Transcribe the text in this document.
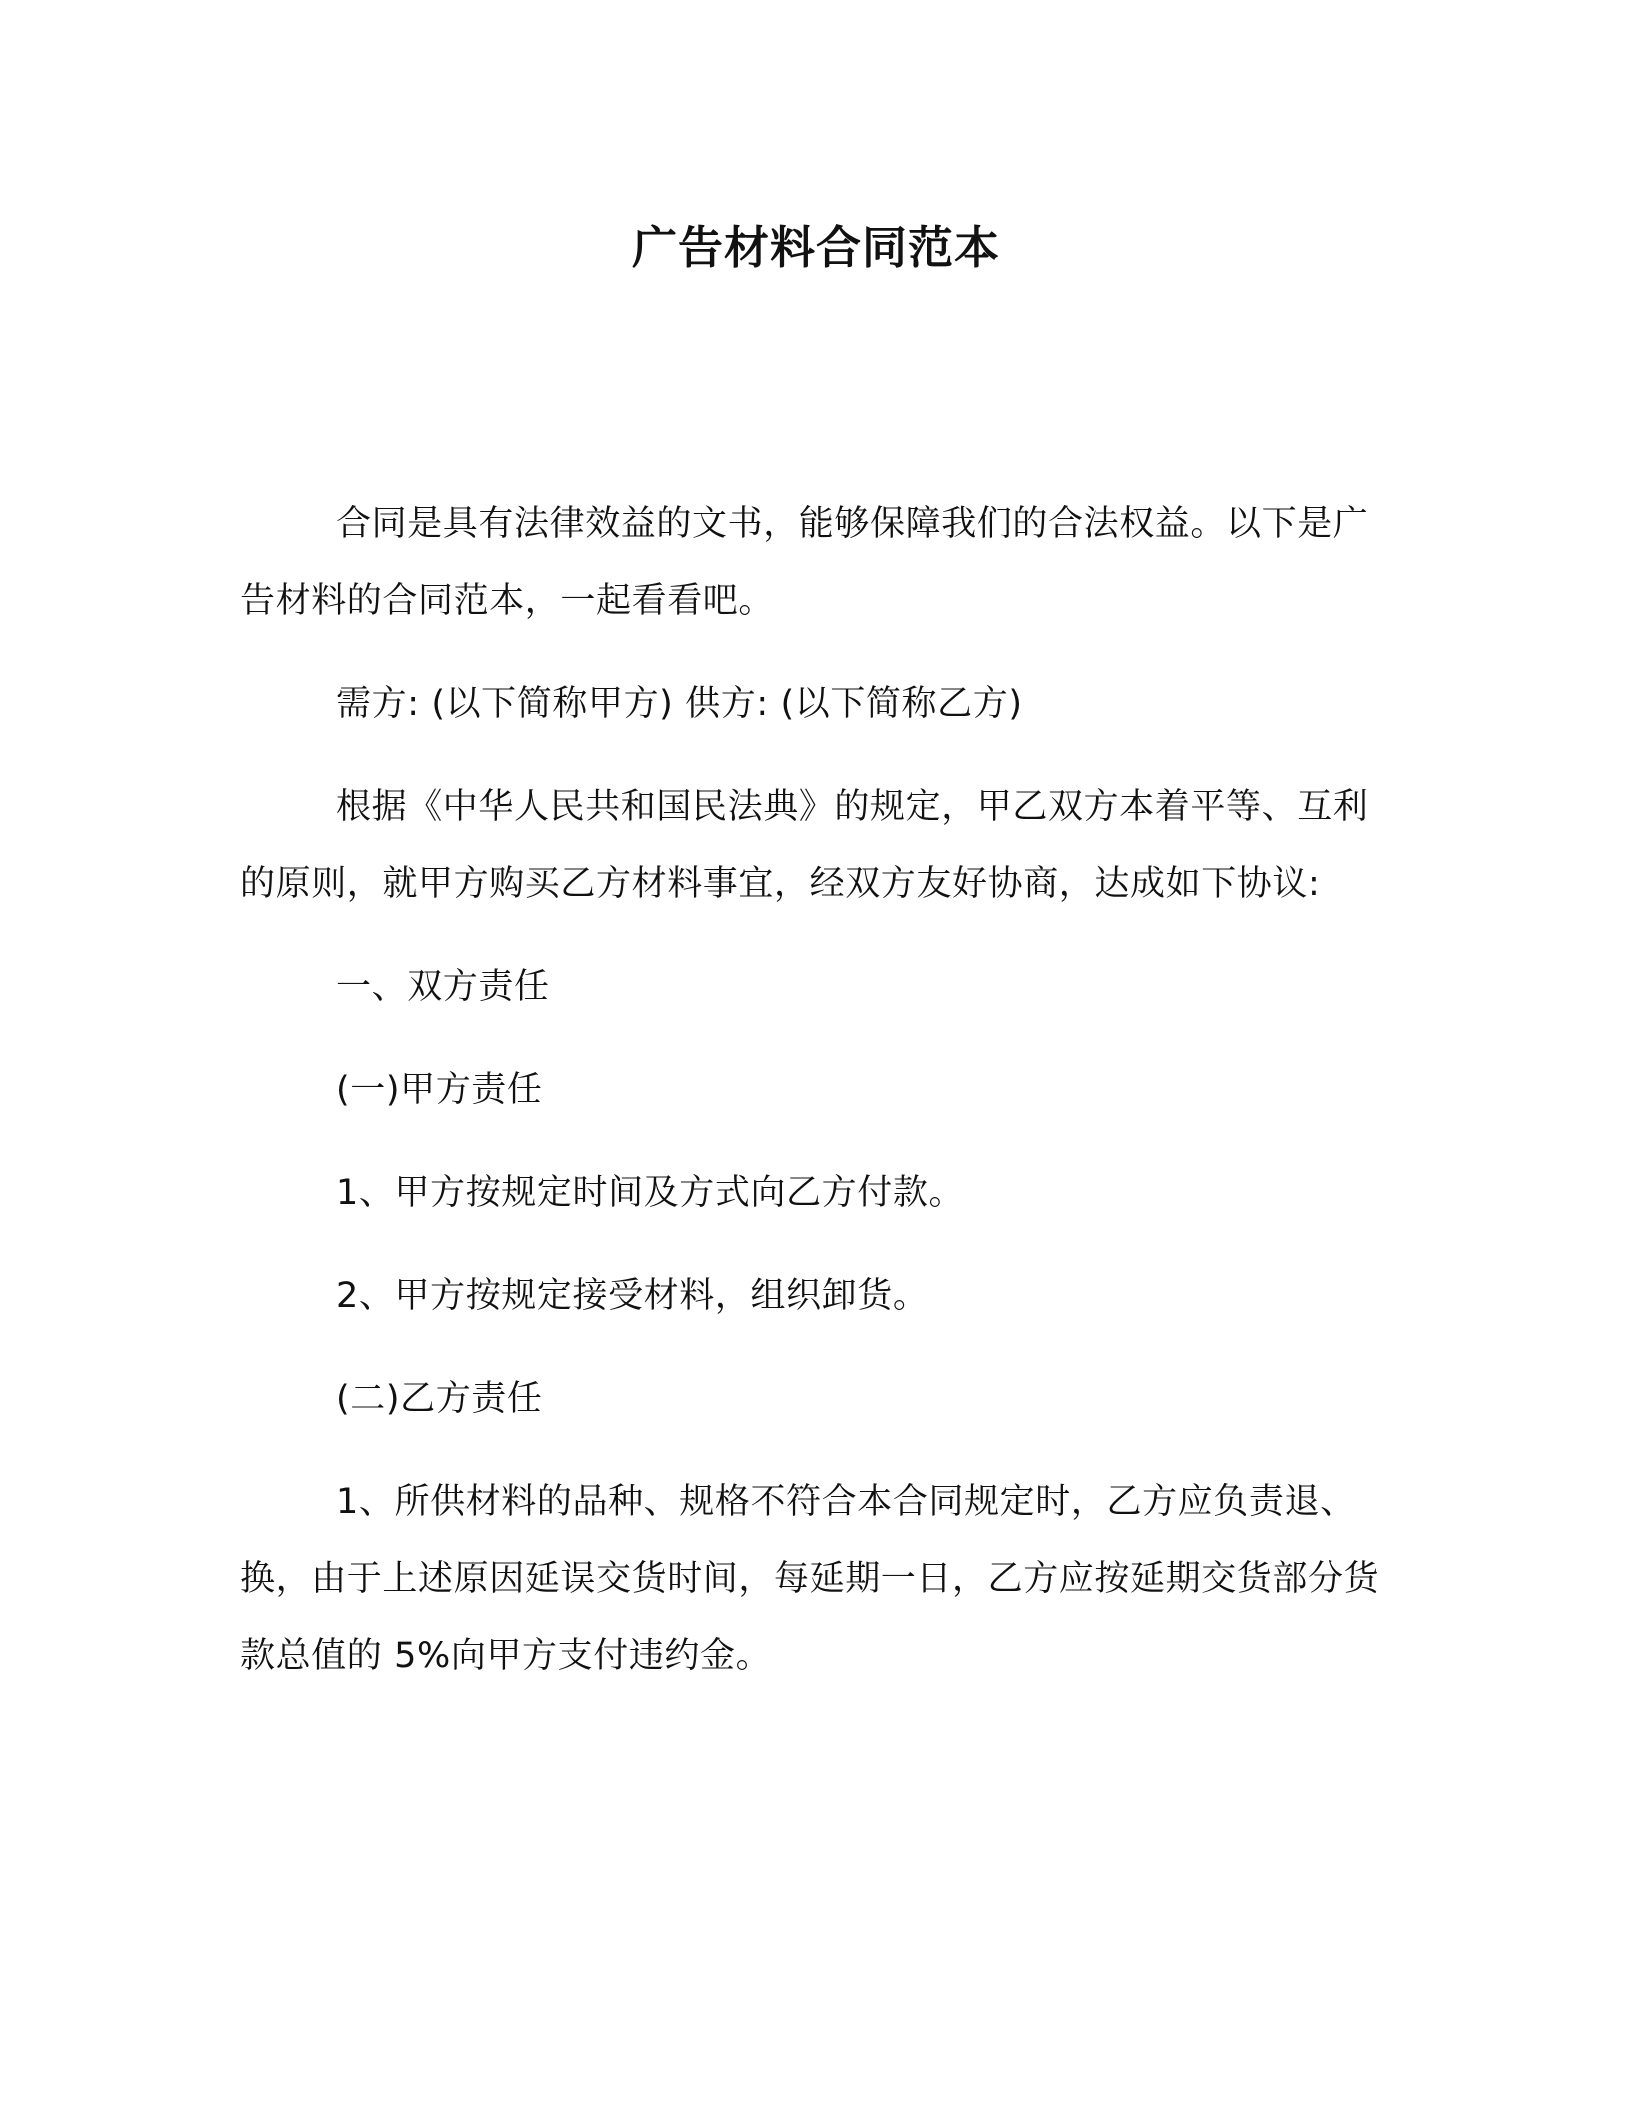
广告材料合同范本

合同是具有法律效益的文书，能够保障我们的合法权益。以下是广告材料的合同范本，一起看看吧。

需方: (以下简称甲方) 供方: (以下简称乙方)

根据《中华人民共和国民法典》的规定，甲乙双方本着平等、互利的原则，就甲方购买乙方材料事宜，经双方友好协商，达成如下协议:

一、双方责任

(一)甲方责任

1、甲方按规定时间及方式向乙方付款。

2、甲方按规定接受材料，组织卸货。

(二)乙方责任

1、所供材料的品种、规格不符合本合同规定时，乙方应负责退、换，由于上述原因延误交货时间，每延期一日，乙方应按延期交货部分货款总值的 5%向甲方支付违约金。
